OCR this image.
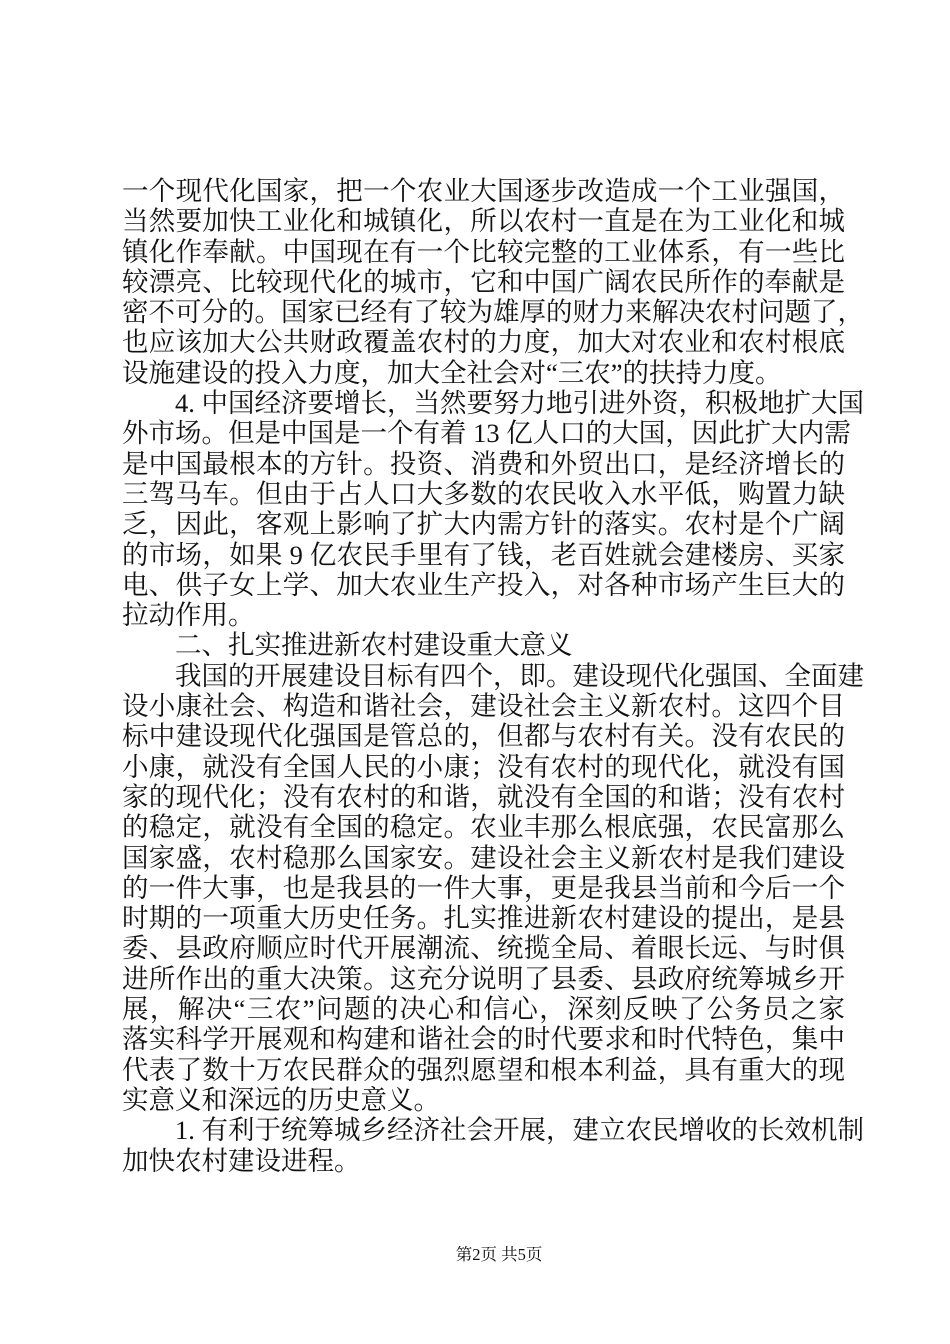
一个现代化国家，把一个农业大国逐步改造成一个工业强国，
当然要加快工业化和城镇化，所以农村一直是在为工业化和城
镇化作奉献。中国现在有一个比较完整的工业体系，有一些比
较漂亮、比较现代化的城市，它和中国广阔农民所作的奉献是
密不可分的。国家已经有了较为雄厚的财力来解决农村问题了，
也应该加大公共财政覆盖农村的力度，加大对农业和农村根底
设施建设的投入力度，加大全社会对“三农”的扶持力度。
4. 中国经济要增长，当然要努力地引进外资，积极地扩大国
外市场。但是中国是一个有着 13 亿人口的大国，因此扩大内需
是中国最根本的方针。投资、消费和外贸出口，是经济增长的
三驾马车。但由于占人口大多数的农民收入水平低，购置力缺
乏，因此，客观上影响了扩大内需方针的落实。农村是个广阔
的市场，如果 9 亿农民手里有了钱，老百姓就会建楼房、买家
电、供子女上学、加大农业生产投入，对各种市场产生巨大的
拉动作用。
二、扎实推进新农村建设重大意义
我国的开展建设目标有四个，即。建设现代化强国、全面建
设小康社会、构造和谐社会，建设社会主义新农村。这四个目
标中建设现代化强国是管总的，但都与农村有关。没有农民的
小康，就没有全国人民的小康；没有农村的现代化，就没有国
家的现代化；没有农村的和谐，就没有全国的和谐；没有农村
的稳定，就没有全国的稳定。农业丰那么根底强，农民富那么
国家盛，农村稳那么国家安。建设社会主义新农村是我们建设
的一件大事，也是我县的一件大事，更是我县当前和今后一个
时期的一项重大历史任务。扎实推进新农村建设的提出，是县
委、县政府顺应时代开展潮流、统揽全局、着眼长远、与时俱
进所作出的重大决策。这充分说明了县委、县政府统筹城乡开
展，解决“三农”问题的决心和信心，深刻反映了公务员之家
落实科学开展观和构建和谐社会的时代要求和时代特色，集中
代表了数十万农民群众的强烈愿望和根本利益，具有重大的现
实意义和深远的历史意义。
1. 有利于统筹城乡经济社会开展，建立农民增收的长效机制
加快农村建设进程。
第2页 共5页
